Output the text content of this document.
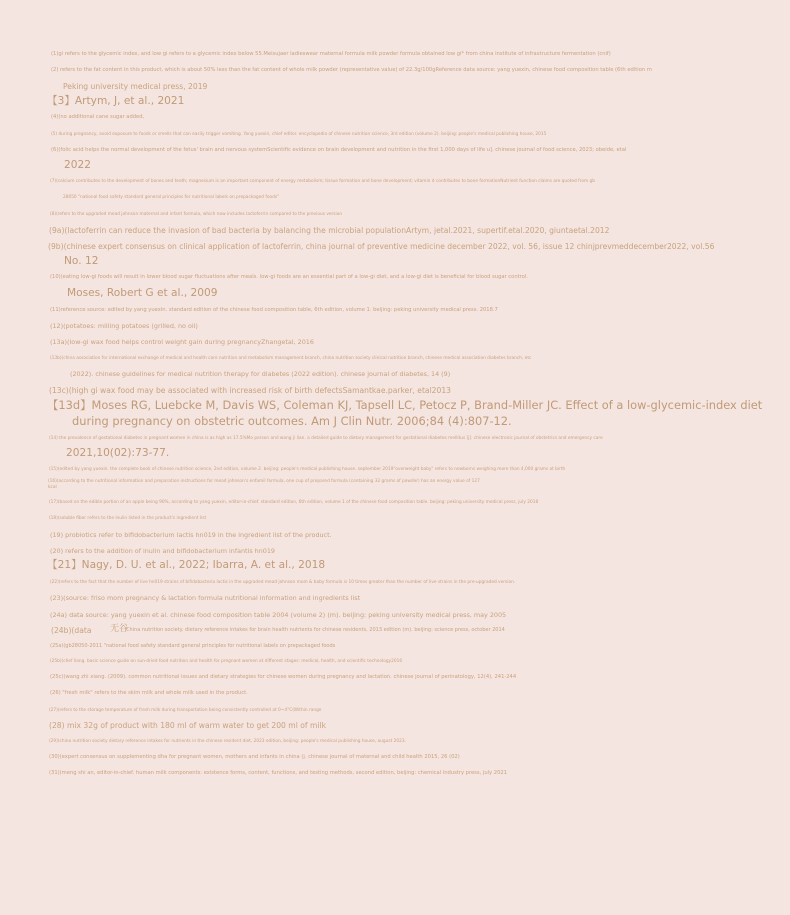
(1)gi refers to the glycemic index, and low gi refers to a glycemic index below 55.Meisujaer ladieswear maternal formula milk powder formula obtained low gi* from china institute of infrastructure fermentation (cnif)
(2) refers to the fat content in this product, which is about 50% less than the fat content of whole milk powder (representative value) of 22.3g/100gReference data source: yang yuexin, chinese food composition table (6th edition m
Peking university medical press, 2019
【3】Artym, J, et al., 2021
(4)(no additional cane sugar added,
(5) during pregnancy, avoid exposure to foods or smells that can easily trigger vomiting. Yang yuexin, chief editor. encyclopedia of chinese nutrition science, 3rd edition (volume 2). beijing: people's medical publishing house, 2015
(6)(folic acid helps the normal development of the fetus' brain and nervous systemScientific evidence on brain development and nutrition in the first 1,000 days of life u]. chinese journal of food science, 2023; obeide, etal
2022
(7)(calcium contributes to the development of bones and teeth; magnesium is an important component of energy metabolism; tissue formation and bone development; vitamin d contributes to bone formationNutrient function claims are quoted from gb
28050 "national food safety standard general principles for nutritional labels on prepackaged foods"
(8)(refers to the upgraded mead johnson maternal and infant formula, which now includes lactoferrin compared to the previous version
(9a)(lactoferrin can reduce the invasion of bad bacteria by balancing the microbial populationArtym, jetal.2021, supertif.etal.2020, giuntaetal.2012
(9b)(chinese expert consensus on clinical application of lactoferrin, china journal of preventive medicine december 2022, vol. 56, issue 12 chinjprevmeddecember2022, vol.56
No. 12
(10)(eating low-gi foods will result in lower blood sugar fluctuations after meals. low-gi foods are an essential part of a low-gi diet, and a low-gi diet is beneficial for blood sugar control.
Moses, Robert G et al., 2009
(11)reference source: edited by yang yuexin. standard edition of the chinese food composition table, 6th edition, volume 1. beijing: peking university medical press. 2018.7
(12)(potatoes: milling potatoes (grilled, no oil)
(13a)(low-gi wax food helps control weight gain during pregnancyZhangetal, 2016
(13b)(china association for international exchange of medical and health care nutrition and metabolism management branch, china nutrition society clinical nutrition branch, chinese medical association diabetes branch, etc
(2022). chinese guidelines for medical nutrition therapy for diabetes (2022 edition). chinese journal of diabetes, 14 (9)
(13c)(high gi wax food may be associated with increased risk of birth defectsSamantkae.parker, etal2013
【13d】Moses RG, Luebcke M, Davis WS, Coleman KJ, Tapsell LC, Petocz P, Brand-Miller JC. Effect of a low-glycemic-index diet
during pregnancy on obstetric outcomes. Am J Clin Nutr. 2006;84 (4):807-12.
(14) the prevalence of gestational diabetes in pregnant women in china is as high as 17.5%Mo person and wang ji lian. a detailed guide to dietary management for gestational diabetes mellitus [j]. chinese electronic journal of obstetrics and emergency care
2021,10(02):73-77.
(15)(edited by yang yuexin. the complete book of chinese nutrition science, 2nd edition, volume 2. beijing: people's medical publishing house. september 2019"overweight baby" refers to newborns weighing more than 4,000 grams at birth
(16)(according to the nutritional information and preparation instructions for mead johnson's enfamil formula, one cup of prepared formula (containing 32 grams of powder) has an energy value of 127
kcal
(17)(based on the edible portion of an apple being 90%, according to yang yuexin, editor-in-chief. standard edition, 6th edition, volume 1 of the chinese food composition table. beijing: peking university medical press, july 2018
(18)(soluble fiber refers to the inulin listed in the product's ingredient list
(19) probiotics refer to bifidobacterium lactis hn019 in the ingredient list of the product.
(20) refers to the addition of inulin and bifidobacterium infantis hn019
【21】Nagy, D. U. et al., 2022; Ibarra, A. et al., 2018
(22)(refers to the fact that the number of live hn019 strains of bifidobacteria lactis in the upgraded mead johnson mom & baby formula is 10 times greater than the number of live strains in the pre-upgraded version.
(23)(source: friso mom pregnancy & lactation formula nutritional information and ingredients list
(24a) data source: yang yuexin et al. chinese food composition table 2004 (volume 2) (m). beijing: peking university medical press, may 2005
(24b)(data 无谷
China nutrition society. dietary reference intakes for brain health nutrients for chinese residents, 2013 edition (m). beijing: science press, october 2014
(25a)(gb28050-2011 "national food safety standard general principles for nutritional labels on prepackaged foods
(25b)(chef liang. basic science guide on sun-dried food nutrition and health for pregnant women at different stages: medical, health, and scientific technology2016
(25c)(wang zhi xiang. (2009). common nutritional issues and dietary strategies for chinese women during pregnancy and lactation. chinese journal of perinatology, 12(4), 241-244
(26) "fresh milk" refers to the skim milk and whole milk used in the product.
(27)(refers to the storage temperature of fresh milk during transportation being consistently controlled at 0~4°C(Within range
(28) mix 32g of product with 180 ml of warm water to get 200 ml of milk
(29)(china nutrition society dietary reference intakes for nutrients in the chinese resident diet, 2023 edition, beijing: people's medical publishing house, august 2023.
(30)(expert consensus on supplementing dha for pregnant women, mothers and infants in china (j. chinese journal of maternal and child health 2015, 26 (02)
(31)(meng shi an, editor-in-chief. human milk components: existence forms, content, functions, and testing methods, second edition, beijing: chemical industry press, july 2021
